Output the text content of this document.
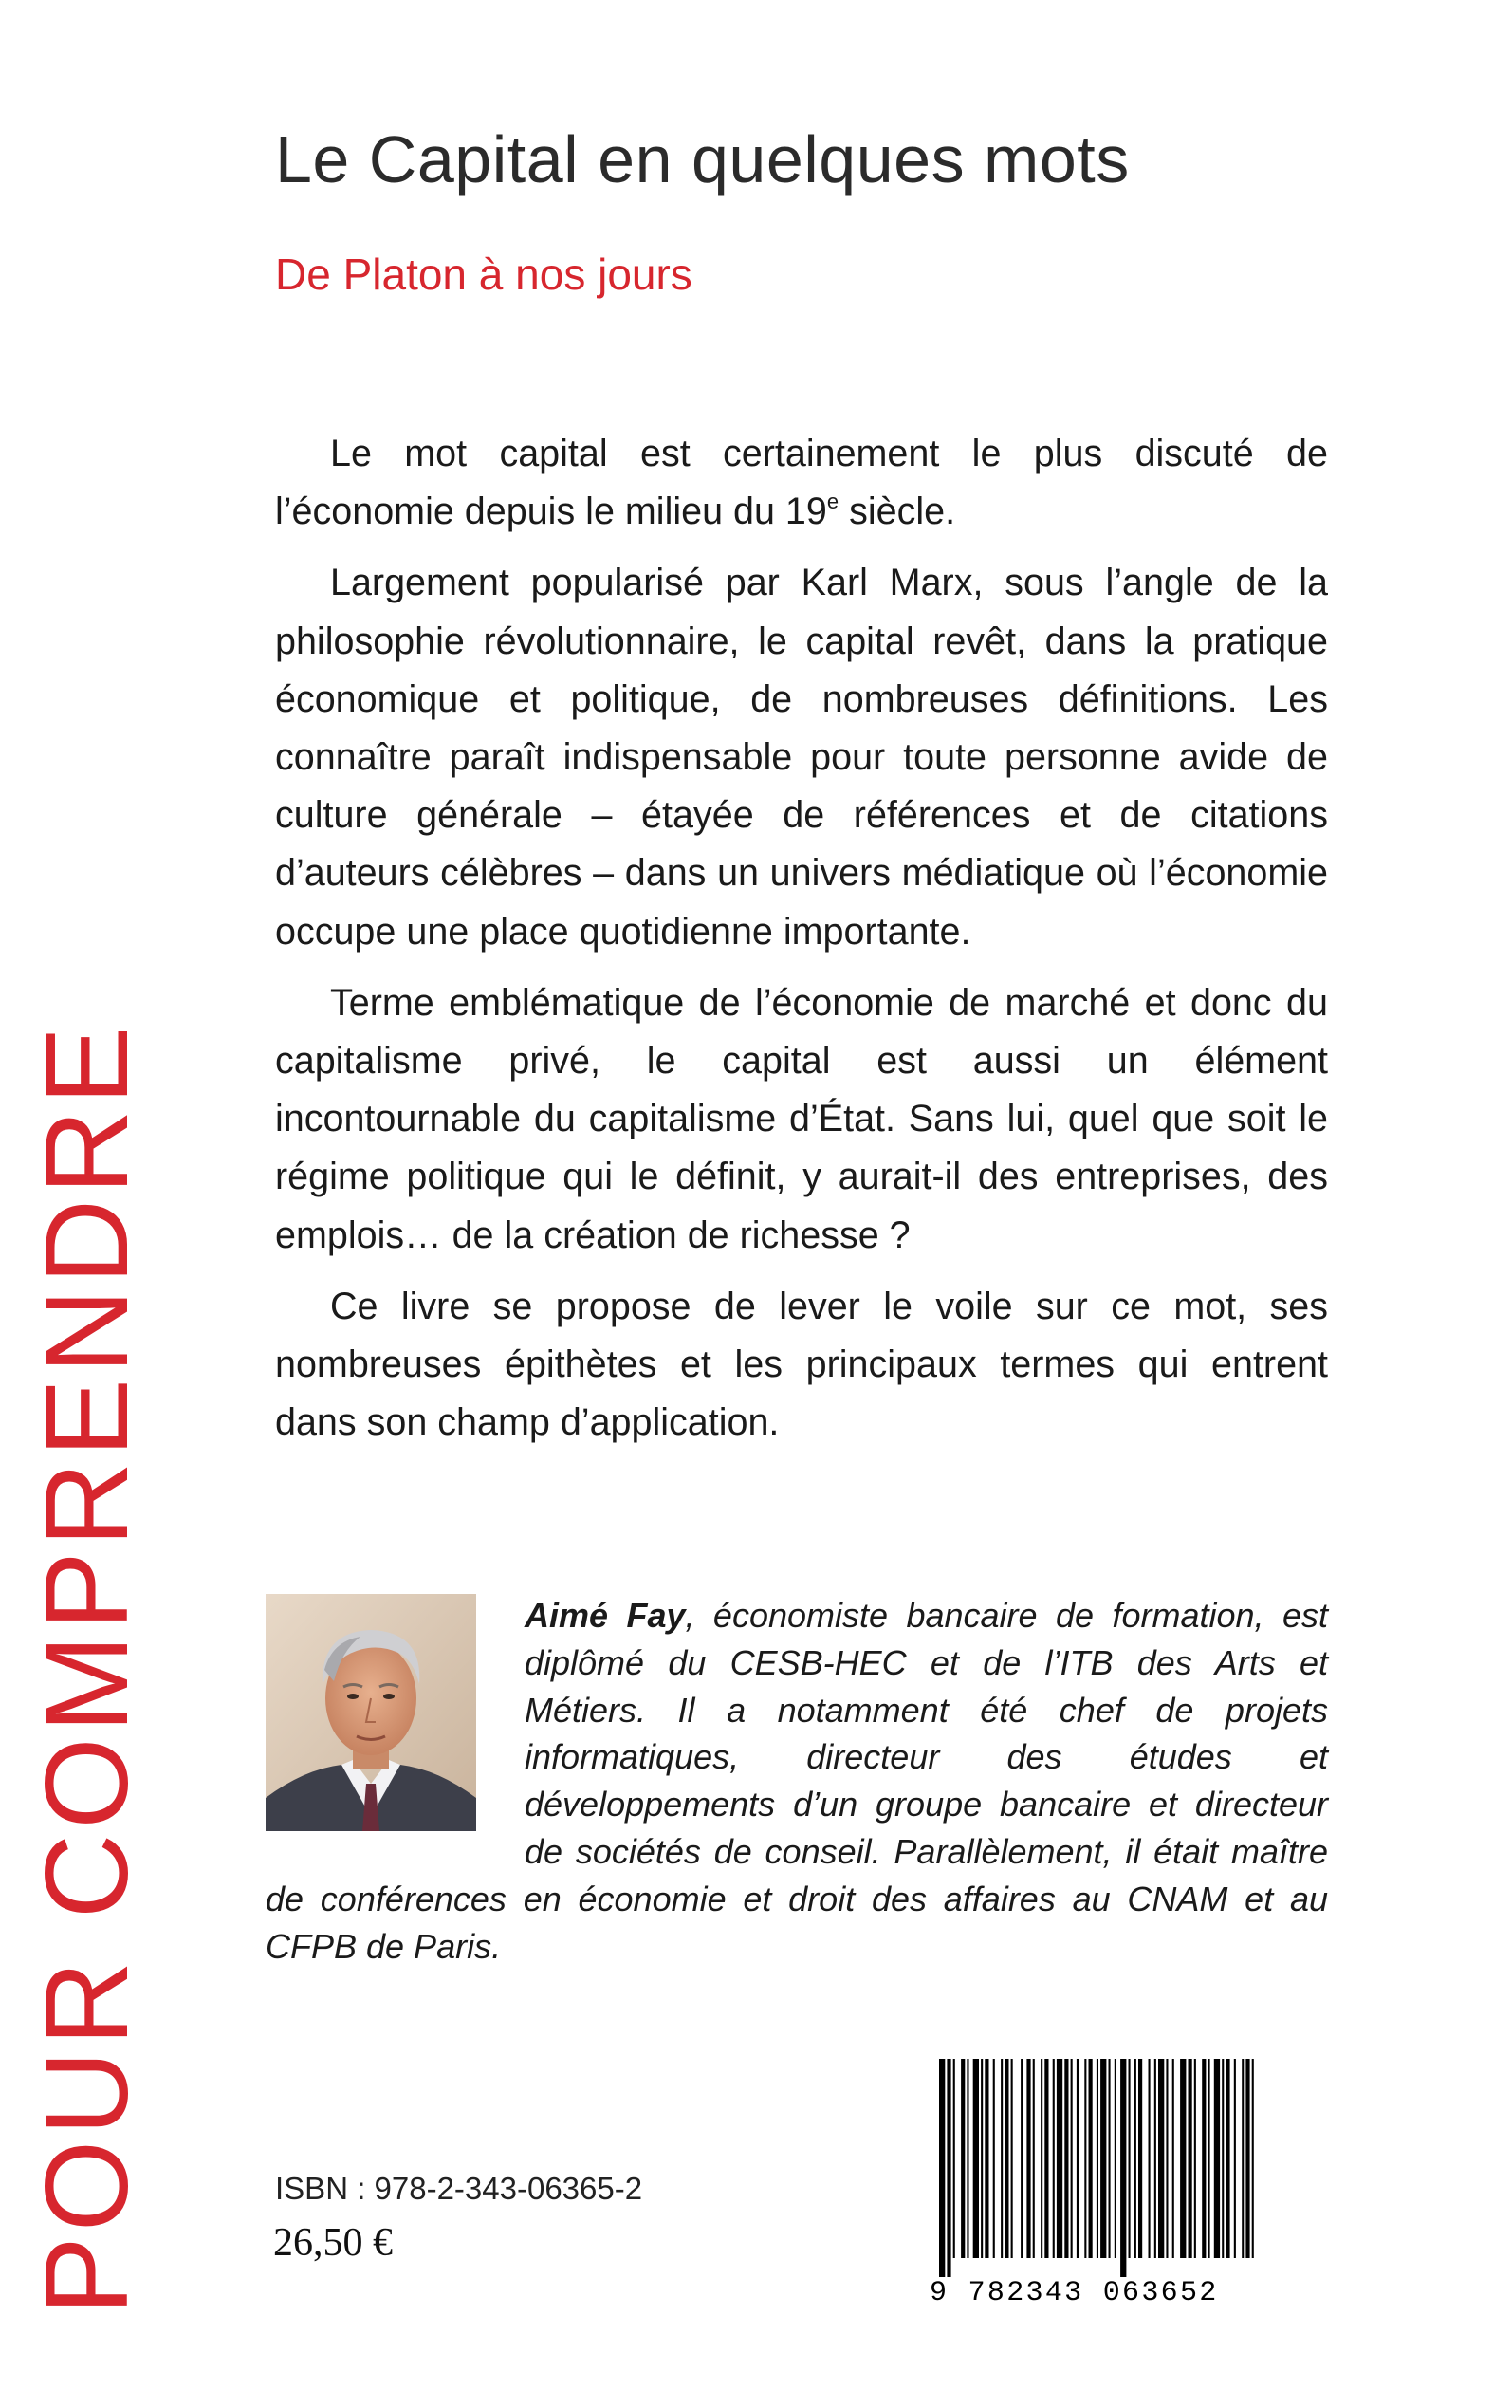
Le Capital en quelques mots
De Platon à nos jours
POUR COMPRENDRE

Le mot capital est certainement le plus discuté de l’économie depuis le milieu du 19e siècle.

Largement popularisé par Karl Marx, sous l’angle de la philosophie révolutionnaire, le capital revêt, dans la pratique économique et politique, de nombreuses définitions. Les connaître paraît indispensable pour toute personne avide de culture générale – étayée de références et de citations d’auteurs célèbres – dans un univers médiatique où l’économie occupe une place quotidienne importante.

Terme emblématique de l’économie de marché et donc du capitalisme privé, le capital est aussi un élément incontournable du capitalisme d’État. Sans lui, quel que soit le régime politique qui le définit, y aurait-il des entreprises, des emplois… de la création de richesse ?

Ce livre se propose de lever le voile sur ce mot, ses nombreuses épithètes et les principaux termes qui entrent dans son champ d’application.

Aimé Fay, économiste bancaire de formation, est diplômé du CESB-HEC et de l’ITB des Arts et Métiers. Il a notamment été chef de projets informatiques, directeur des études et développements d’un groupe bancaire et directeur de sociétés de conseil. Parallèlement, il était maître de conférences en économie et droit des affaires au CNAM et au CFPB de Paris.
ISBN : 978-2-343-06365-2
26,50 €
9 782343 063652
